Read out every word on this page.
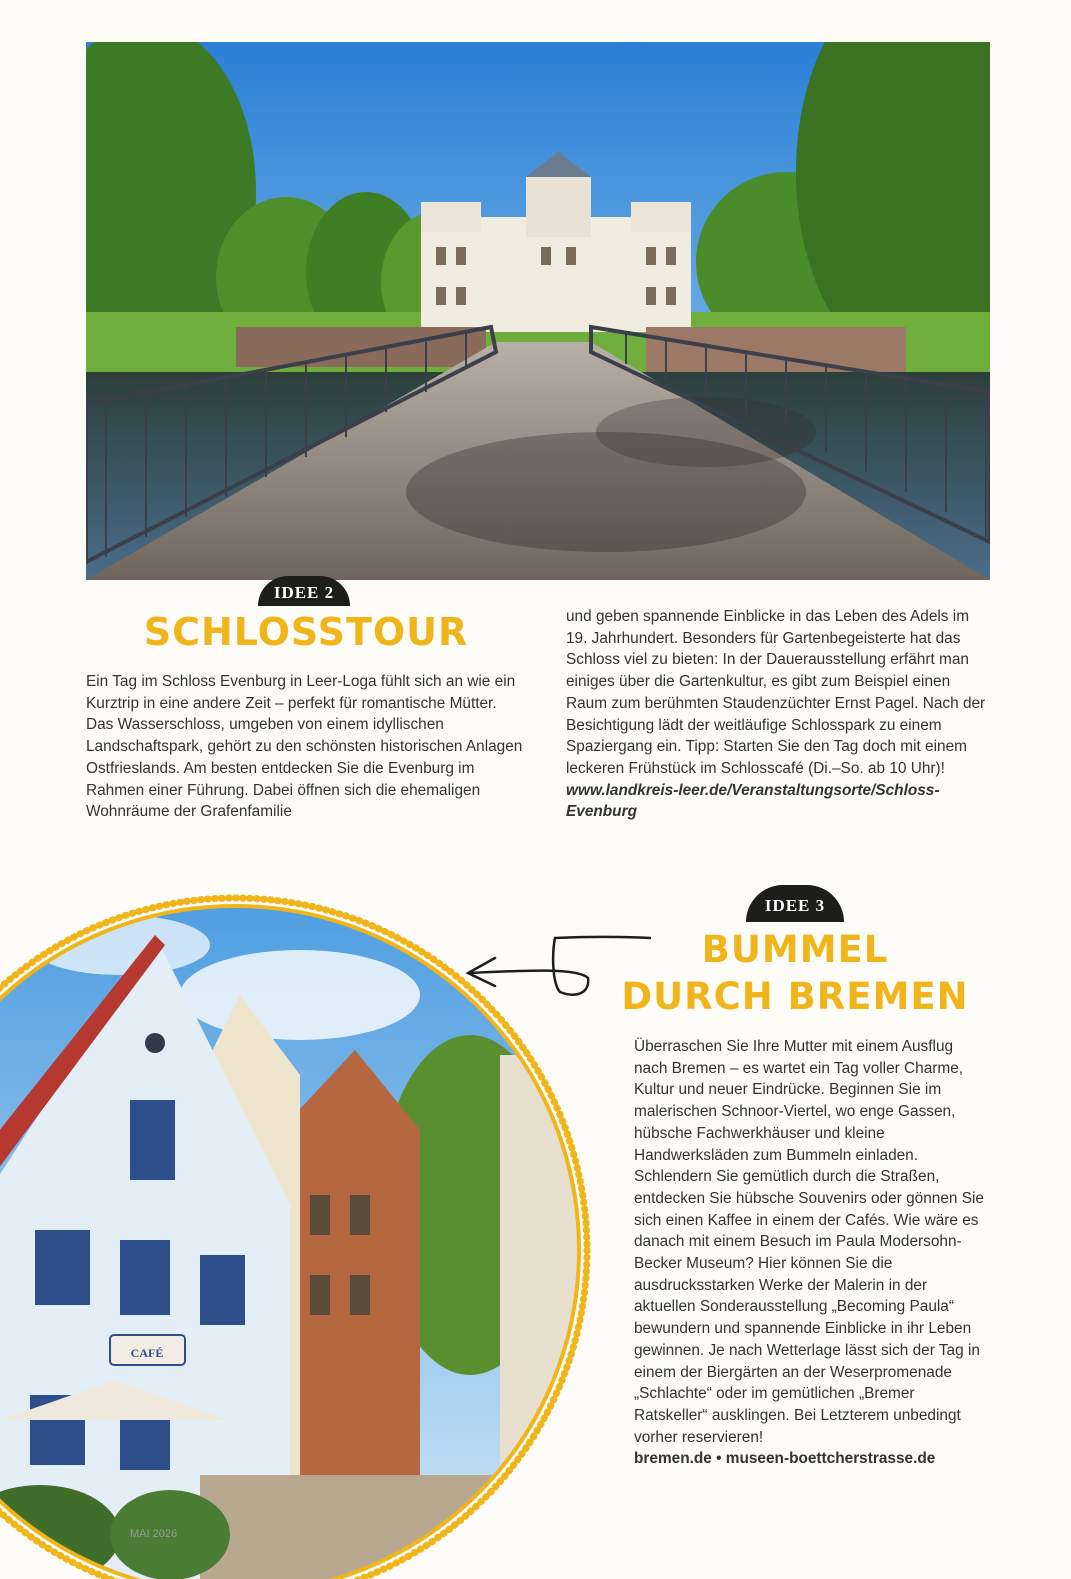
IDEE 2
SCHLOSSTOUR

Ein Tag im Schloss Evenburg in Leer-Loga fühlt sich an wie ein Kurztrip in eine andere Zeit – perfekt für romantische Mütter. Das Wasserschloss, umgeben von einem idyllischen Landschaftspark, gehört zu den schönsten historischen Anlagen Ostfrieslands. Am besten entdecken Sie die Evenburg im Rahmen einer Führung. Dabei öffnen sich die ehemaligen Wohnräume der Grafenfamilie

und geben spannende Einblicke in das Leben des Adels im 19. Jahrhundert. Besonders für Gartenbegeisterte hat das Schloss viel zu bieten: In der Dauerausstellung erfährt man einiges über die Gartenkultur, es gibt zum Beispiel einen Raum zum berühmten Staudenzüchter Ernst Pagel. Nach der Besichtigung lädt der weitläufige Schlosspark zu einem Spaziergang ein. Tipp: Starten Sie den Tag doch mit einem leckeren Frühstück im Schlosscafé (Di.–So. ab 10 Uhr)! www.landkreis-leer.de/Veranstaltungsorte/Schloss-Evenburg

CAFÉ
IDEE 3
BUMMEL
DURCH BREMEN

Überraschen Sie Ihre Mutter mit einem Ausflug nach Bremen – es wartet ein Tag voller Charme, Kultur und neuer Eindrücke. Beginnen Sie im malerischen Schnoor-Viertel, wo enge Gassen, hübsche Fachwerkhäuser und kleine Handwerksläden zum Bummeln einladen. Schlendern Sie gemütlich durch die Straßen, entdecken Sie hübsche Souvenirs oder gönnen Sie sich einen Kaffee in einem der Cafés. Wie wäre es danach mit einem Besuch im Paula Modersohn-Becker Museum? Hier können Sie die ausdrucksstarken Werke der Malerin in der aktuellen Sonderausstellung „Becoming Paula“ bewundern und spannende Einblicke in ihr Leben gewinnen. Je nach Wetterlage lässt sich der Tag in einem der Biergärten an der Weserpromenade „Schlachte“ oder im gemütlichen „Bremer Ratskeller“ ausklingen. Bei Letzterem unbedingt vorher reservieren!

bremen.de • museen-boettcherstrasse.de

MAI 2026
